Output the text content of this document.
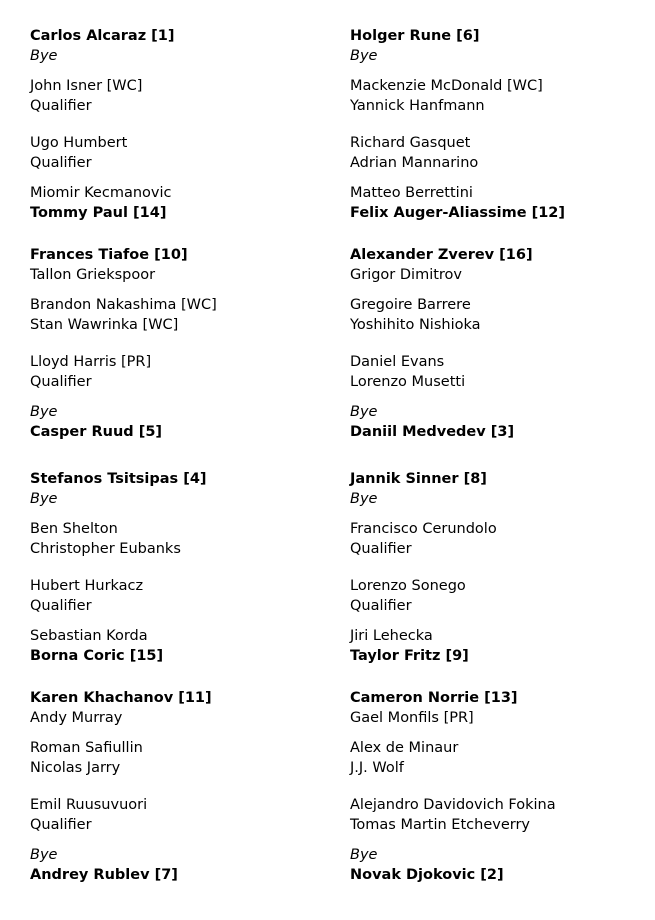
Carlos Alcaraz [1]
Bye
John Isner [WC]
Qualifier
Ugo Humbert
Qualifier
Miomir Kecmanovic
Tommy Paul [14]
Frances Tiafoe [10]
Tallon Griekspoor
Brandon Nakashima [WC]
Stan Wawrinka [WC]
Lloyd Harris [PR]
Qualifier
Bye
Casper Ruud [5]
Stefanos Tsitsipas [4]
Bye
Ben Shelton
Christopher Eubanks
Hubert Hurkacz
Qualifier
Sebastian Korda
Borna Coric [15]
Karen Khachanov [11]
Andy Murray
Roman Safiullin
Nicolas Jarry
Emil Ruusuvuori
Qualifier
Bye
Andrey Rublev [7]
Holger Rune [6]
Bye
Mackenzie McDonald [WC]
Yannick Hanfmann
Richard Gasquet
Adrian Mannarino
Matteo Berrettini
Felix Auger-Aliassime [12]
Alexander Zverev [16]
Grigor Dimitrov
Gregoire Barrere
Yoshihito Nishioka
Daniel Evans
Lorenzo Musetti
Bye
Daniil Medvedev [3]
Jannik Sinner [8]
Bye
Francisco Cerundolo
Qualifier
Lorenzo Sonego
Qualifier
Jiri Lehecka
Taylor Fritz [9]
Cameron Norrie [13]
Gael Monfils [PR]
Alex de Minaur
J.J. Wolf
Alejandro Davidovich Fokina
Tomas Martin Etcheverry
Bye
Novak Djokovic [2]
